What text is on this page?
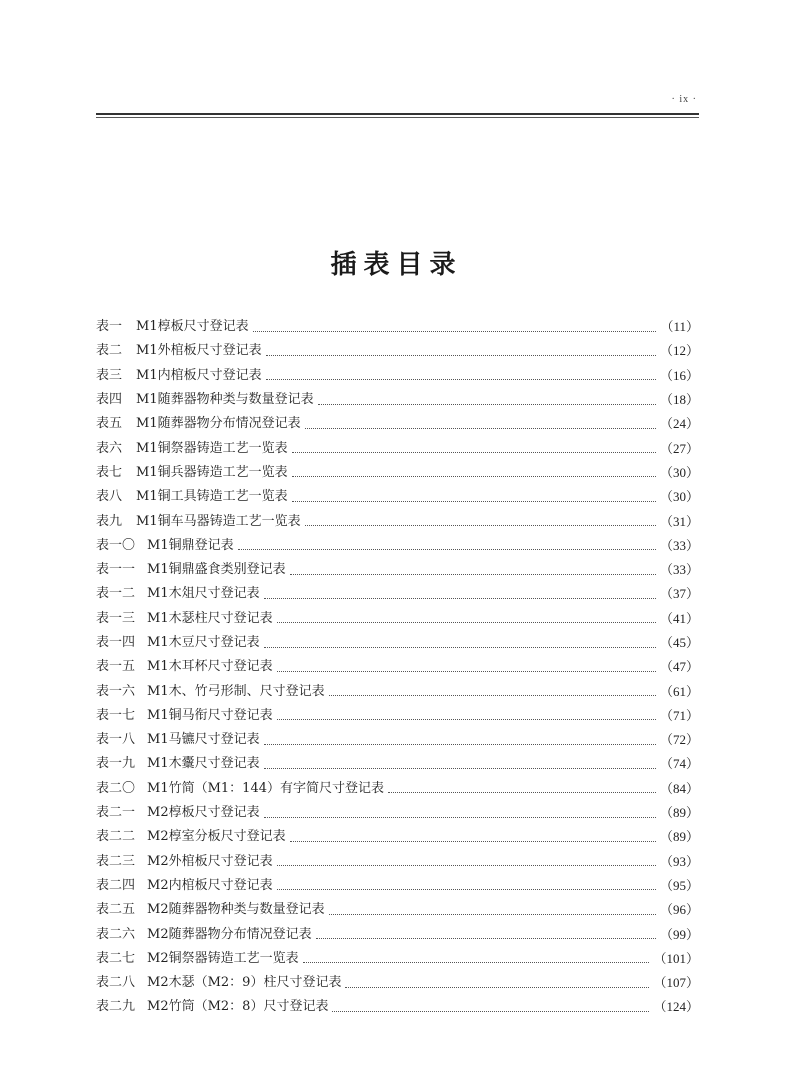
· ix ·
插表目录
表一 M1椁板尺寸登记表	（11）
表二 M1外棺板尺寸登记表	（12）
表三 M1内棺板尺寸登记表	（16）
表四 M1随葬器物种类与数量登记表	（18）
表五 M1随葬器物分布情况登记表	（24）
表六 M1铜祭器铸造工艺一览表	（27）
表七 M1铜兵器铸造工艺一览表	（30）
表八 M1铜工具铸造工艺一览表	（30）
表九 M1铜车马器铸造工艺一览表	（31）
表一〇 M1铜鼎登记表	（33）
表一一 M1铜鼎盛食类别登记表	（33）
表一二 M1木俎尺寸登记表	（37）
表一三 M1木瑟柱尺寸登记表	（41）
表一四 M1木豆尺寸登记表	（45）
表一五 M1木耳杯尺寸登记表	（47）
表一六 M1木、竹弓形制、尺寸登记表	（61）
表一七 M1铜马衔尺寸登记表	（71）
表一八 M1马镳尺寸登记表	（72）
表一九 M1木櫜尺寸登记表	（74）
表二〇 M1竹简（M1：144）有字简尺寸登记表	（84）
表二一 M2椁板尺寸登记表	（89）
表二二 M2椁室分板尺寸登记表	（89）
表二三 M2外棺板尺寸登记表	（93）
表二四 M2内棺板尺寸登记表	（95）
表二五 M2随葬器物种类与数量登记表	（96）
表二六 M2随葬器物分布情况登记表	（99）
表二七 M2铜祭器铸造工艺一览表	（101）
表二八 M2木瑟（M2：9）柱尺寸登记表	（107）
表二九 M2竹筒（M2：8）尺寸登记表	（124）
